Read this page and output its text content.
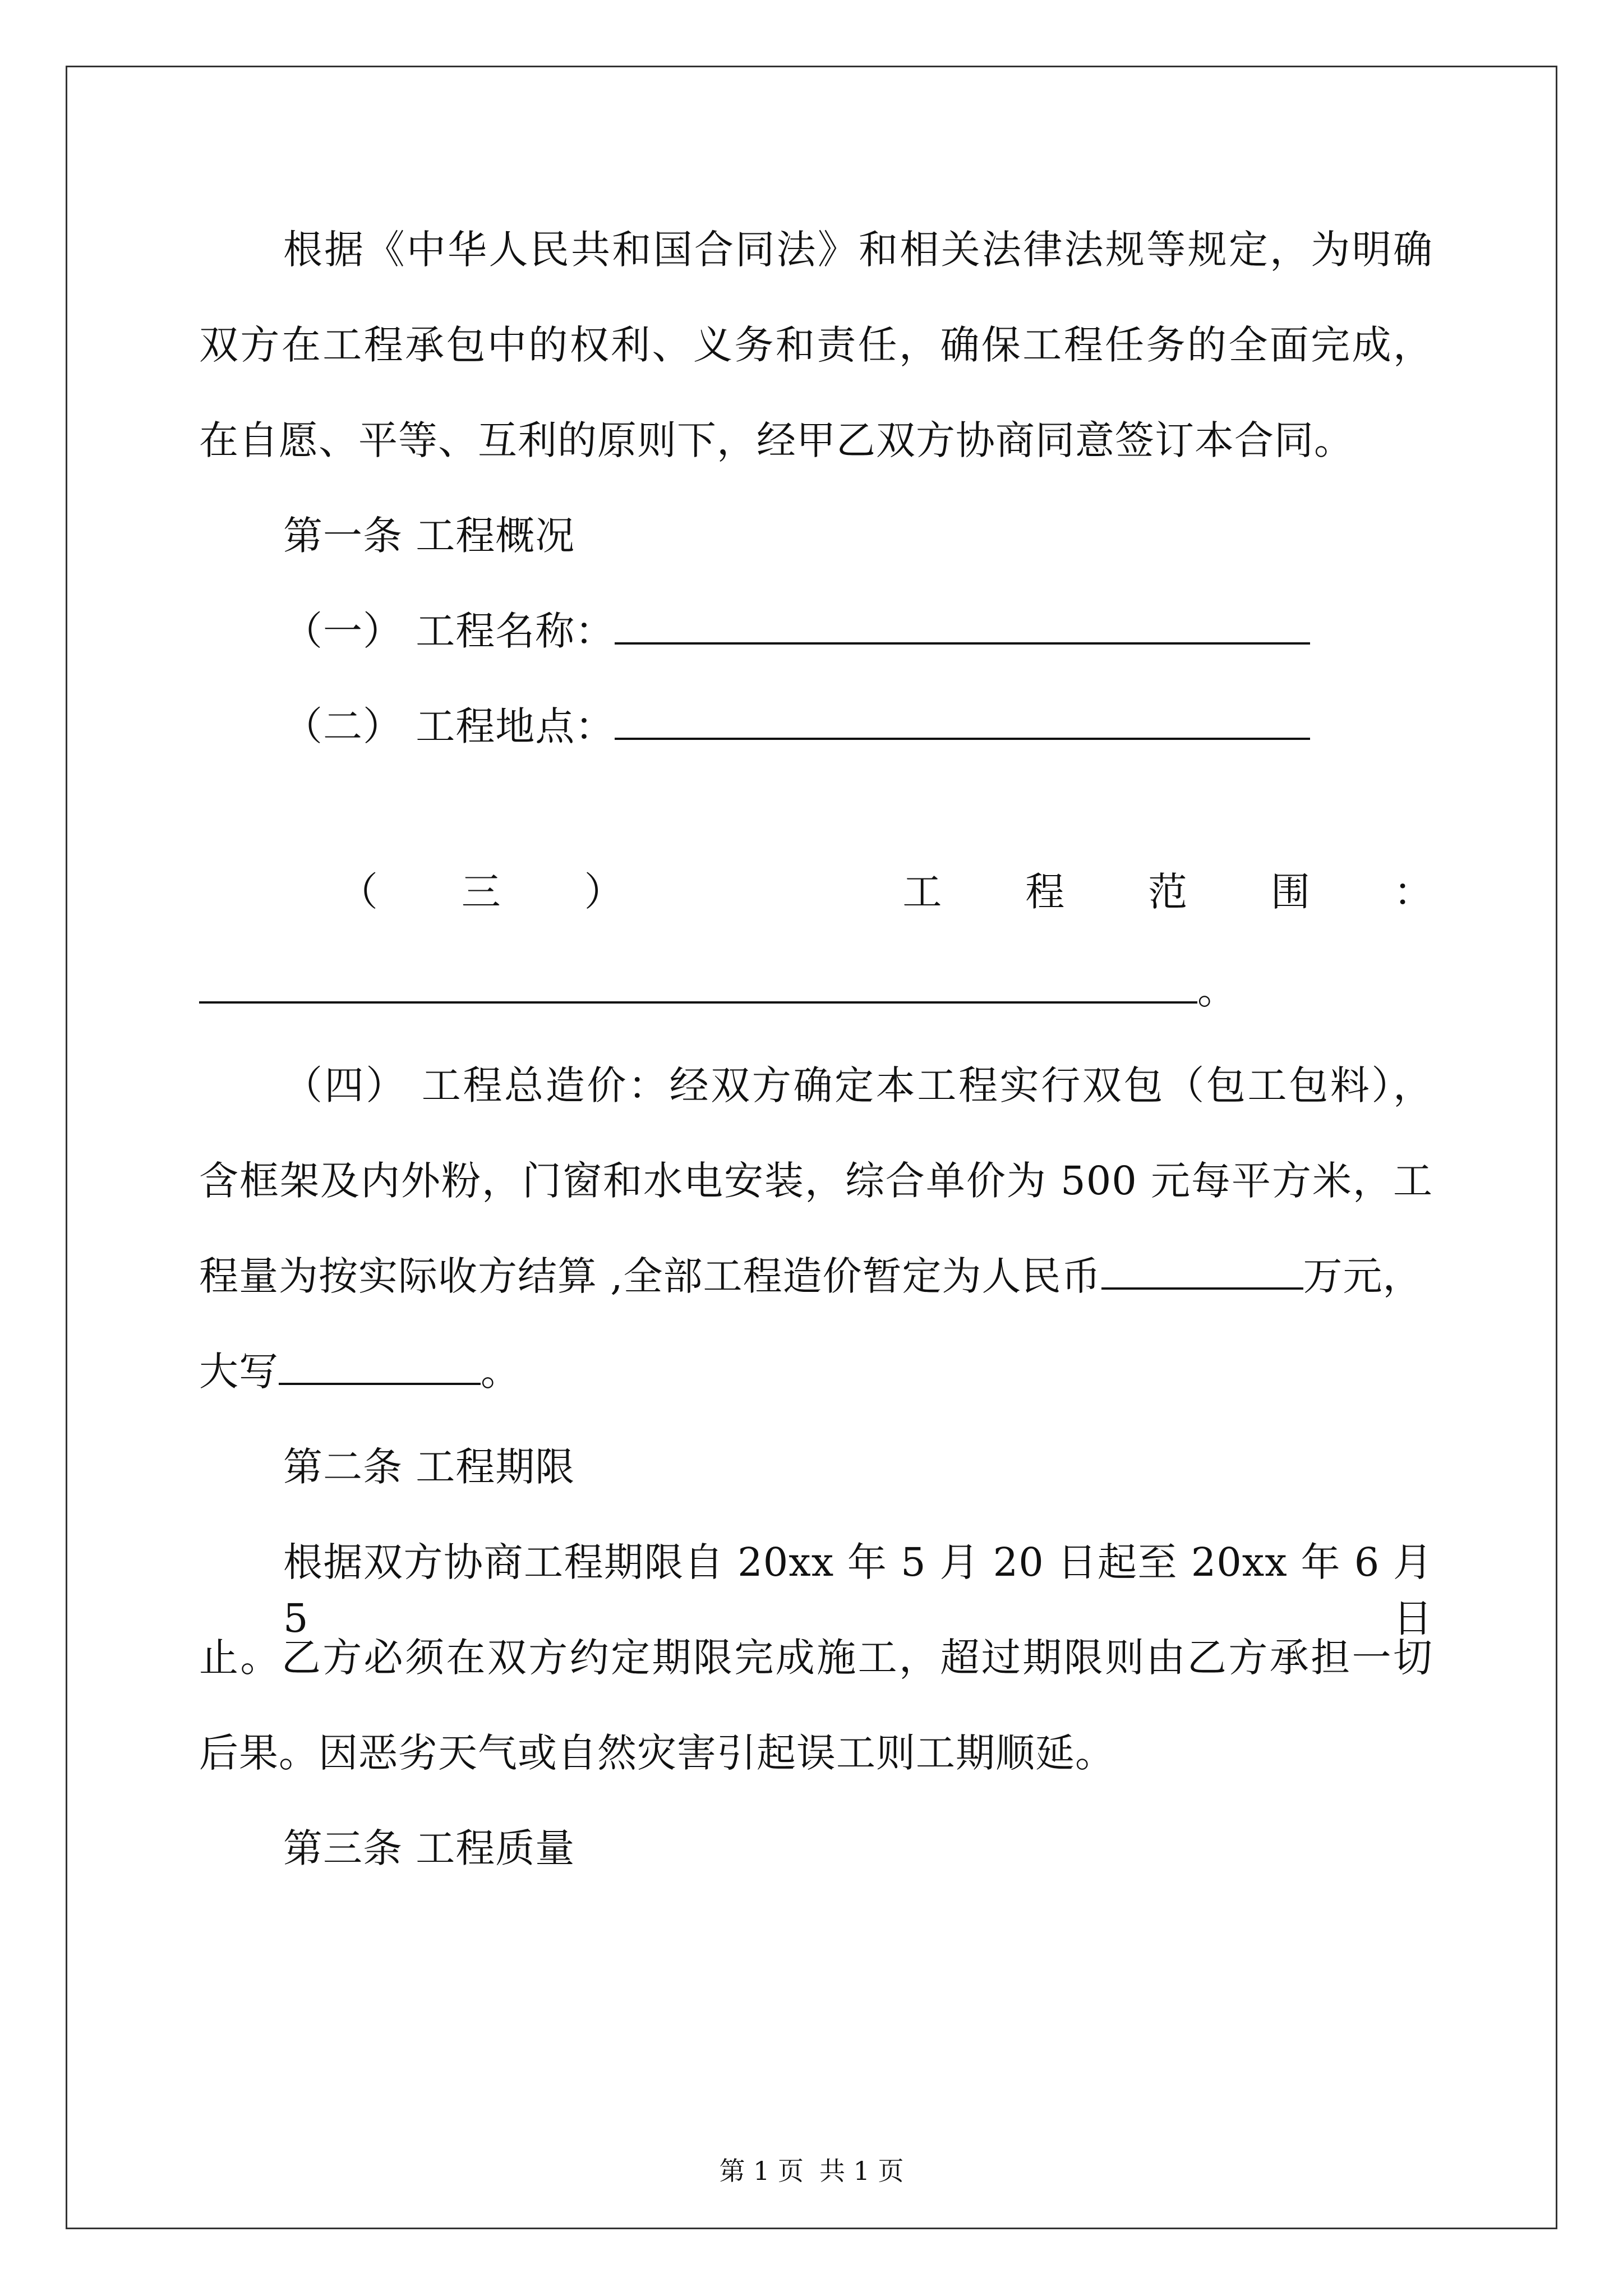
根据《中华人民共和国合同法》和相关法律法规等规定，为明确
双方在工程承包中的权利、义务和责任，确保工程任务的全面完成，
在自愿、平等、互利的原则下，经甲乙双方协商同意签订本合同。
第一条 工程概况
（一） 工程名称：
（二） 工程地点：
（ 三 ）	工 程 范 围 ：
。
（四） 工程总造价：经双方确定本工程实行双包（包工包料），
含框架及内外粉，门窗和水电安装，综合单价为 500 元每平方米，工
程量为按实际收方结算 ,全部工程造价暂定为人民币	万元，
大写	。
第二条 工程期限
根据双方协商工程期限自 20xx 年 5 月 20 日起至 20xx 年 6 月 5 日
止。乙方必须在双方约定期限完成施工，超过期限则由乙方承担一切
后果。因恶劣天气或自然灾害引起误工则工期顺延。
第三条 工程质量
第 1 页 共 1 页
